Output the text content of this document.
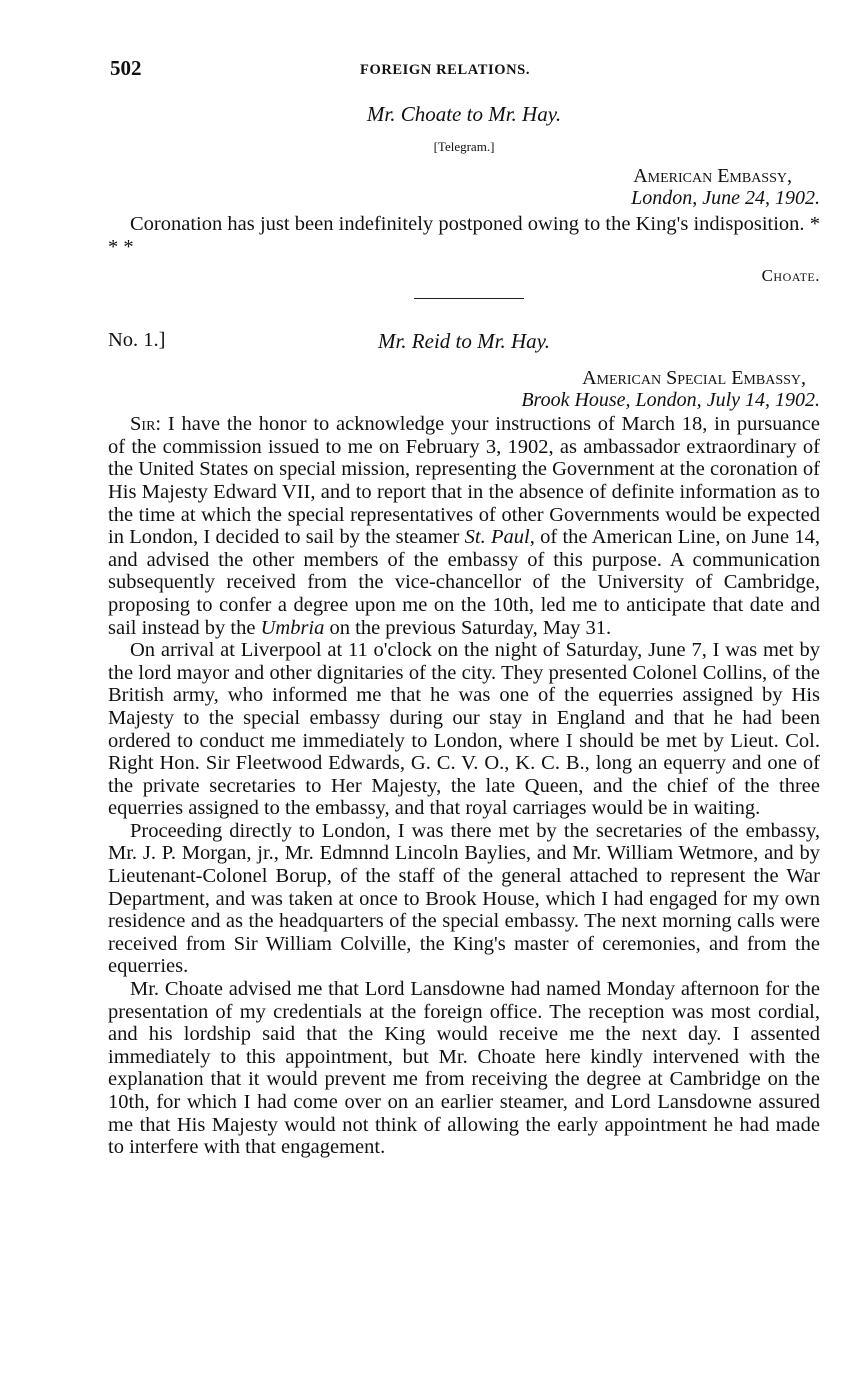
502	FOREIGN RELATIONS.
Mr. Choate to Mr. Hay.
[Telegram.]
American Embassy,
London, June 24, 1902.

Coronation has just been indefinitely postponed owing to the King's indisposition. * * *

Choate.
No. 1.]	Mr. Reid to Mr. Hay.
American Special Embassy,
Brook House, London, July 14, 1902.

Sir: I have the honor to acknowledge your instructions of March 18, in pursuance of the commission issued to me on February 3, 1902, as ambassador extraordinary of the United States on special mission, representing the Government at the coronation of His Majesty Edward VII, and to report that in the absence of definite information as to the time at which the special representatives of other Governments would be expected in London, I decided to sail by the steamer St. Paul, of the American Line, on June 14, and advised the other members of the embassy of this purpose. A communication subsequently received from the vice-chancellor of the University of Cambridge, proposing to confer a degree upon me on the 10th, led me to anticipate that date and sail instead by the Umbria on the previous Saturday, May 31.

On arrival at Liverpool at 11 o'clock on the night of Saturday, June 7, I was met by the lord mayor and other dignitaries of the city. They presented Colonel Collins, of the British army, who informed me that he was one of the equerries assigned by His Majesty to the special embassy during our stay in England and that he had been ordered to conduct me immediately to London, where I should be met by Lieut. Col. Right Hon. Sir Fleetwood Edwards, G. C. V. O., K. C. B., long an equerry and one of the private secretaries to Her Majesty, the late Queen, and the chief of the three equerries assigned to the embassy, and that royal carriages would be in waiting.

Proceeding directly to London, I was there met by the secretaries of the embassy, Mr. J. P. Morgan, jr., Mr. Edmnnd Lincoln Baylies, and Mr. William Wetmore, and by Lieutenant-Colonel Borup, of the staff of the general attached to represent the War Department, and was taken at once to Brook House, which I had engaged for my own residence and as the headquarters of the special embassy. The next morning calls were received from Sir William Colville, the King's master of ceremonies, and from the equerries.

Mr. Choate advised me that Lord Lansdowne had named Monday afternoon for the presentation of my credentials at the foreign office. The reception was most cordial, and his lordship said that the King would receive me the next day. I assented immediately to this appointment, but Mr. Choate here kindly intervened with the explanation that it would prevent me from receiving the degree at Cambridge on the 10th, for which I had come over on an earlier steamer, and Lord Lansdowne assured me that His Majesty would not think of allowing the early appointment he had made to interfere with that engagement.
